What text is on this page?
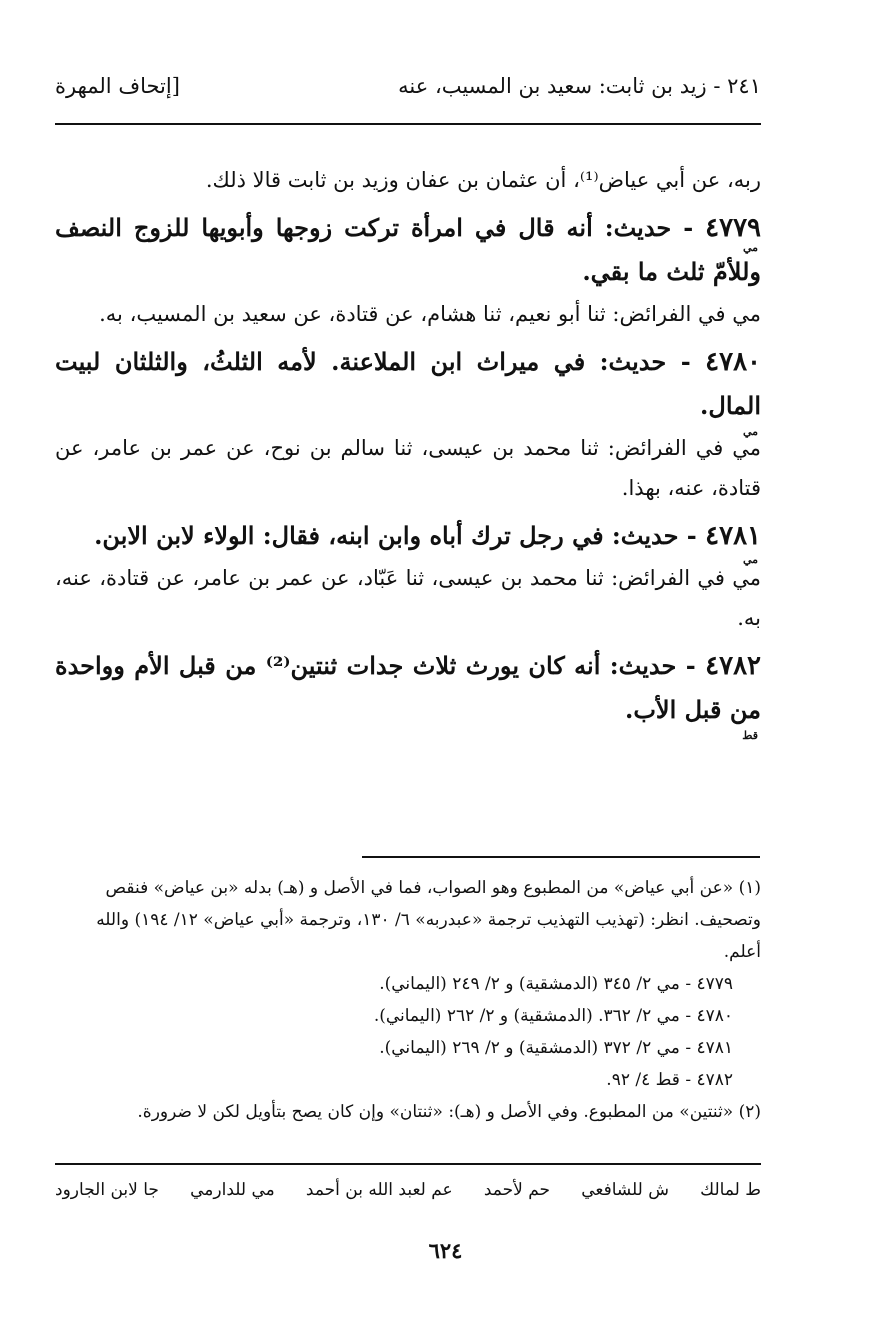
٢٤١ - زيد بن ثابت: سعيد بن المسيب، عنه
[إتحاف المهرة

ربه، عن أبي عياض⁽¹⁾، أن عثمان بن عفان وزيد بن ثابت قالا ذلك.

٤٧٧٩ - حديث: أنه قال في امرأة تركت زوجها وأبويها للزوج النصف وللأمّ ثلث ما بقي.

مي في الفرائض: ثنا أبو نعيم، ثنا هشام، عن قتادة، عن سعيد بن المسيب، به.

٤٧٨٠ - حديث: في ميراث ابن الملاعنة. لأمه الثلثُ، والثلثان لبيت المال.

مي في الفرائض: ثنا محمد بن عيسى، ثنا سالم بن نوح، عن عمر بن عامر، عن قتادة، عنه، بهذا.

٤٧٨١ - حديث: في رجل ترك أباه وابن ابنه، فقال: الولاء لابن الابن.

مي في الفرائض: ثنا محمد بن عيسى، ثنا عَبّاد، عن عمر بن عامر، عن قتادة، عنه، به.

٤٧٨٢ - حديث: أنه كان يورث ثلاث جدات ثنتين⁽²⁾ من قبل الأم وواحدة من قبل الأب.

مي
مي
مي
قط

(١) «عن أبي عياض» من المطبوع وهو الصواب، فما في الأصل و (هـ) بدله «بن عياض» فنقص وتصحيف. انظر: (تهذيب التهذيب ترجمة «عبدربه» ٦/ ١٣٠، وترجمة «أبي عياض» ١٢/ ١٩٤) والله أعلم.

٤٧٧٩ - مي ٢/ ٣٤٥ (الدمشقية) و ٢/ ٢٤٩ (اليماني).

٤٧٨٠ - مي ٢/ ٣٦٢. (الدمشقية) و ٢/ ٢٦٢ (اليماني).

٤٧٨١ - مي ٢/ ٣٧٢ (الدمشقية) و ٢/ ٢٦٩ (اليماني).

٤٧٨٢ - قط ٤/ ٩٢.

(٢) «ثنتين» من المطبوع. وفي الأصل و (هـ): «ثنتان» وإن كان يصح بتأويل لكن لا ضرورة.

ط لمالك
ش للشافعي
حم لأحمد
عم لعبد الله بن أحمد
مي للدارمي
جا لابن الجارود
٦٢٤
